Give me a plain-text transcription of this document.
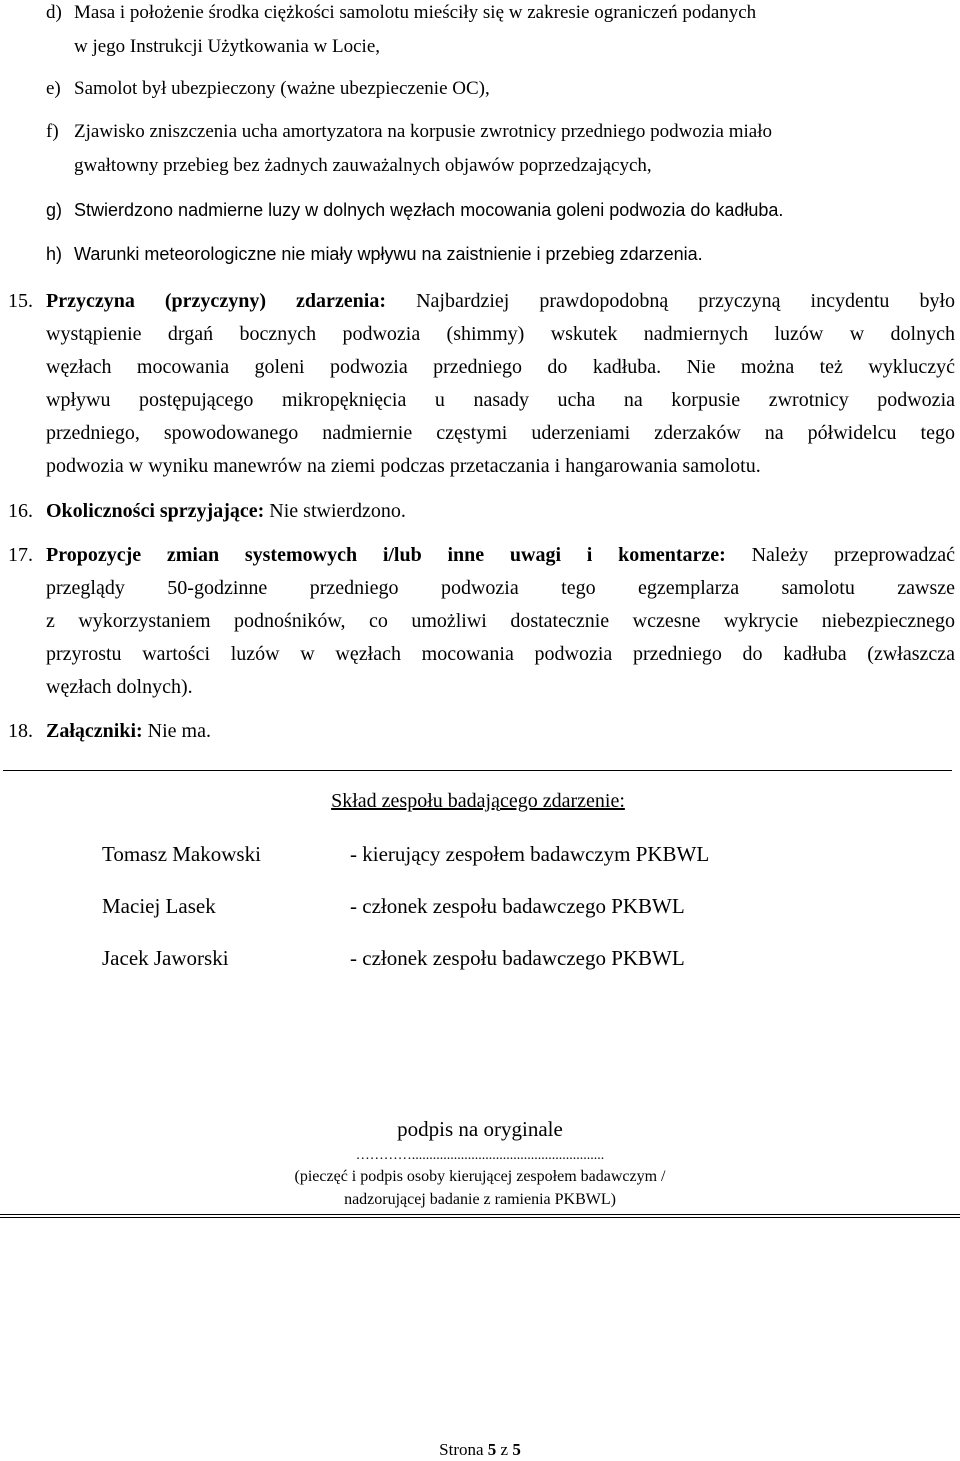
d) Masa i położenie środka ciężkości samolotu mieściły się w zakresie ograniczeń podanych
w jego Instrukcji Użytkowania w Locie,
e) Samolot był ubezpieczony (ważne ubezpieczenie OC),
f) Zjawisko zniszczenia ucha amortyzatora na korpusie zwrotnicy przedniego podwozia miało
gwałtowny przebieg bez żadnych zauważalnych objawów poprzedzających,
g) Stwierdzono nadmierne luzy w dolnych węzłach mocowania goleni podwozia do kadłuba.
h) Warunki meteorologiczne nie miały wpływu na zaistnienie i przebieg zdarzenia.
15. Przyczyna (przyczyny) zdarzenia: Najbardziej prawdopodobną przyczyną incydentu było
wystąpienie drgań bocznych podwozia (shimmy) wskutek nadmiernych luzów w dolnych
węzłach mocowania goleni podwozia przedniego do kadłuba. Nie można też wykluczyć
wpływu postępującego mikropęknięcia u nasady ucha na korpusie zwrotnicy podwozia
przedniego, spowodowanego nadmiernie częstymi uderzeniami zderzaków na półwidelcu tego
podwozia w wyniku manewrów na ziemi podczas przetaczania i hangarowania samolotu.
16. Okoliczności sprzyjające: Nie stwierdzono.
17. Propozycje zmian systemowych i/lub inne uwagi i komentarze: Należy przeprowadzać
przeglądy 50-godzinne przedniego podwozia tego egzemplarza samolotu zawsze
z wykorzystaniem podnośników, co umożliwi dostatecznie wczesne wykrycie niebezpiecznego
przyrostu wartości luzów w węzłach mocowania podwozia przedniego do kadłuba (zwłaszcza
węzłach dolnych).
18. Załączniki: Nie ma.
Skład zespołu badającego zdarzenie:
Tomasz Makowski	- kierujący zespołem badawczym PKBWL
Maciej Lasek	- członek zespołu badawczego PKBWL
Jacek Jaworski	- członek zespołu badawczego PKBWL
podpis na oryginale
………….......................................................
(pieczęć i podpis osoby kierującej zespołem badawczym /
nadzorującej badanie z ramienia PKBWL)
Strona 5 z 5
